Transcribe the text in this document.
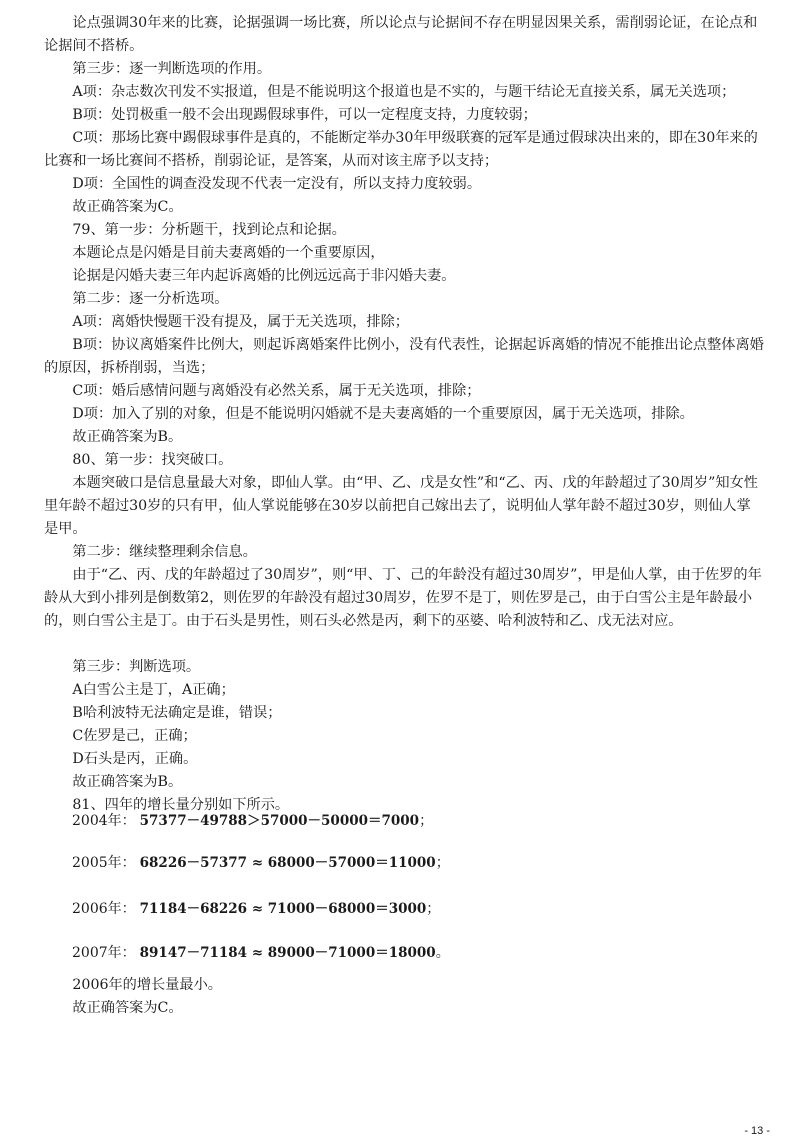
论点强调30年来的比赛，论据强调一场比赛，所以论点与论据间不存在明显因果关系，需削弱论证，在论点和论据间不搭桥。

第三步：逐一判断选项的作用。

A项：杂志数次刊发不实报道，但是不能说明这个报道也是不实的，与题干结论无直接关系，属无关选项；

B项：处罚极重一般不会出现踢假球事件，可以一定程度支持，力度较弱；

C项：那场比赛中踢假球事件是真的，不能断定举办30年甲级联赛的冠军是通过假球决出来的，即在30年来的比赛和一场比赛间不搭桥，削弱论证，是答案，从而对该主席予以支持；

D项：全国性的调查没发现不代表一定没有，所以支持力度较弱。

故正确答案为C。

79、第一步：分析题干，找到论点和论据。

本题论点是闪婚是目前夫妻离婚的一个重要原因，

论据是闪婚夫妻三年内起诉离婚的比例远远高于非闪婚夫妻。

第二步：逐一分析选项。

A项：离婚快慢题干没有提及，属于无关选项，排除；

B项：协议离婚案件比例大，则起诉离婚案件比例小，没有代表性，论据起诉离婚的情况不能推出论点整体离婚的原因，拆桥削弱，当选；

C项：婚后感情问题与离婚没有必然关系，属于无关选项，排除；

D项：加入了别的对象，但是不能说明闪婚就不是夫妻离婚的一个重要原因，属于无关选项，排除。

故正确答案为B。

80、第一步：找突破口。

本题突破口是信息量最大对象，即仙人掌。由“甲、乙、戊是女性”和“乙、丙、戊的年龄超过了30周岁”知女性里年龄不超过30岁的只有甲，仙人掌说能够在30岁以前把自己嫁出去了，说明仙人掌年龄不超过30岁，则仙人掌是甲。

第二步：继续整理剩余信息。

由于“乙、丙、戊的年龄超过了30周岁”，则“甲、丁、己的年龄没有超过30周岁”，甲是仙人掌，由于佐罗的年龄从大到小排列是倒数第2，则佐罗的年龄没有超过30周岁，佐罗不是丁，则佐罗是己，由于白雪公主是年龄最小的，则白雪公主是丁。由于石头是男性，则石头必然是丙，剩下的巫婆、哈利波特和乙、戊无法对应。

第三步：判断选项。

A白雪公主是丁，A正确；

B哈利波特无法确定是谁，错误；

C佐罗是己，正确；

D石头是丙，正确。

故正确答案为B。

81、四年的增长量分别如下所示。

2004年： 57377－49788＞57000－50000＝7000；
2005年： 68226－57377 ≈ 68000－57000＝11000；
2006年： 71184－68226 ≈ 71000－68000＝3000；
2007年： 89147－71184 ≈ 89000－71000＝18000。

2006年的增长量最小。

故正确答案为C。

- 13 -
